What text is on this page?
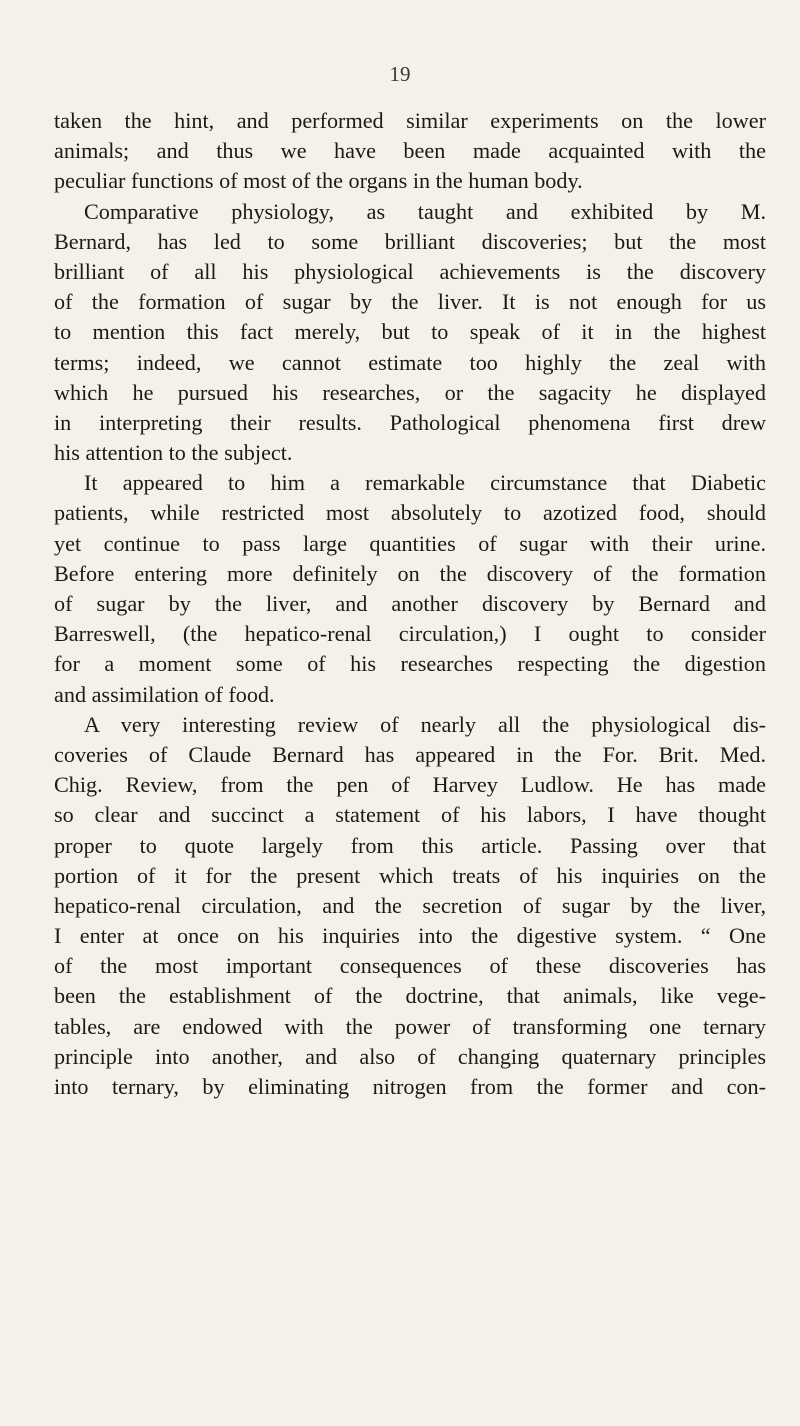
19
taken the hint, and performed similar experiments on the lower
animals; and thus we have been made acquainted with the
peculiar functions of most of the organs in the human body.
Comparative physiology, as taught and exhibited by M.
Bernard, has led to some brilliant discoveries; but the most
brilliant of all his physiological achievements is the discovery
of the formation of sugar by the liver. It is not enough for us
to mention this fact merely, but to speak of it in the highest
terms; indeed, we cannot estimate too highly the zeal with
which he pursued his researches, or the sagacity he displayed
in interpreting their results. Pathological phenomena first drew
his attention to the subject.
It appeared to him a remarkable circumstance that Diabetic
patients, while restricted most absolutely to azotized food, should
yet continue to pass large quantities of sugar with their urine.
Before entering more definitely on the discovery of the formation
of sugar by the liver, and another discovery by Bernard and
Barreswell, (the hepatico-renal circulation,) I ought to consider
for a moment some of his researches respecting the digestion
and assimilation of food.
A very interesting review of nearly all the physiological dis-
coveries of Claude Bernard has appeared in the For. Brit. Med.
Chig. Review, from the pen of Harvey Ludlow. He has made
so clear and succinct a statement of his labors, I have thought
proper to quote largely from this article. Passing over that
portion of it for the present which treats of his inquiries on the
hepatico-renal circulation, and the secretion of sugar by the liver,
I enter at once on his inquiries into the digestive system. “ One
of the most important consequences of these discoveries has
been the establishment of the doctrine, that animals, like vege-
tables, are endowed with the power of transforming one ternary
principle into another, and also of changing quaternary principles
into ternary, by eliminating nitrogen from the former and con-
